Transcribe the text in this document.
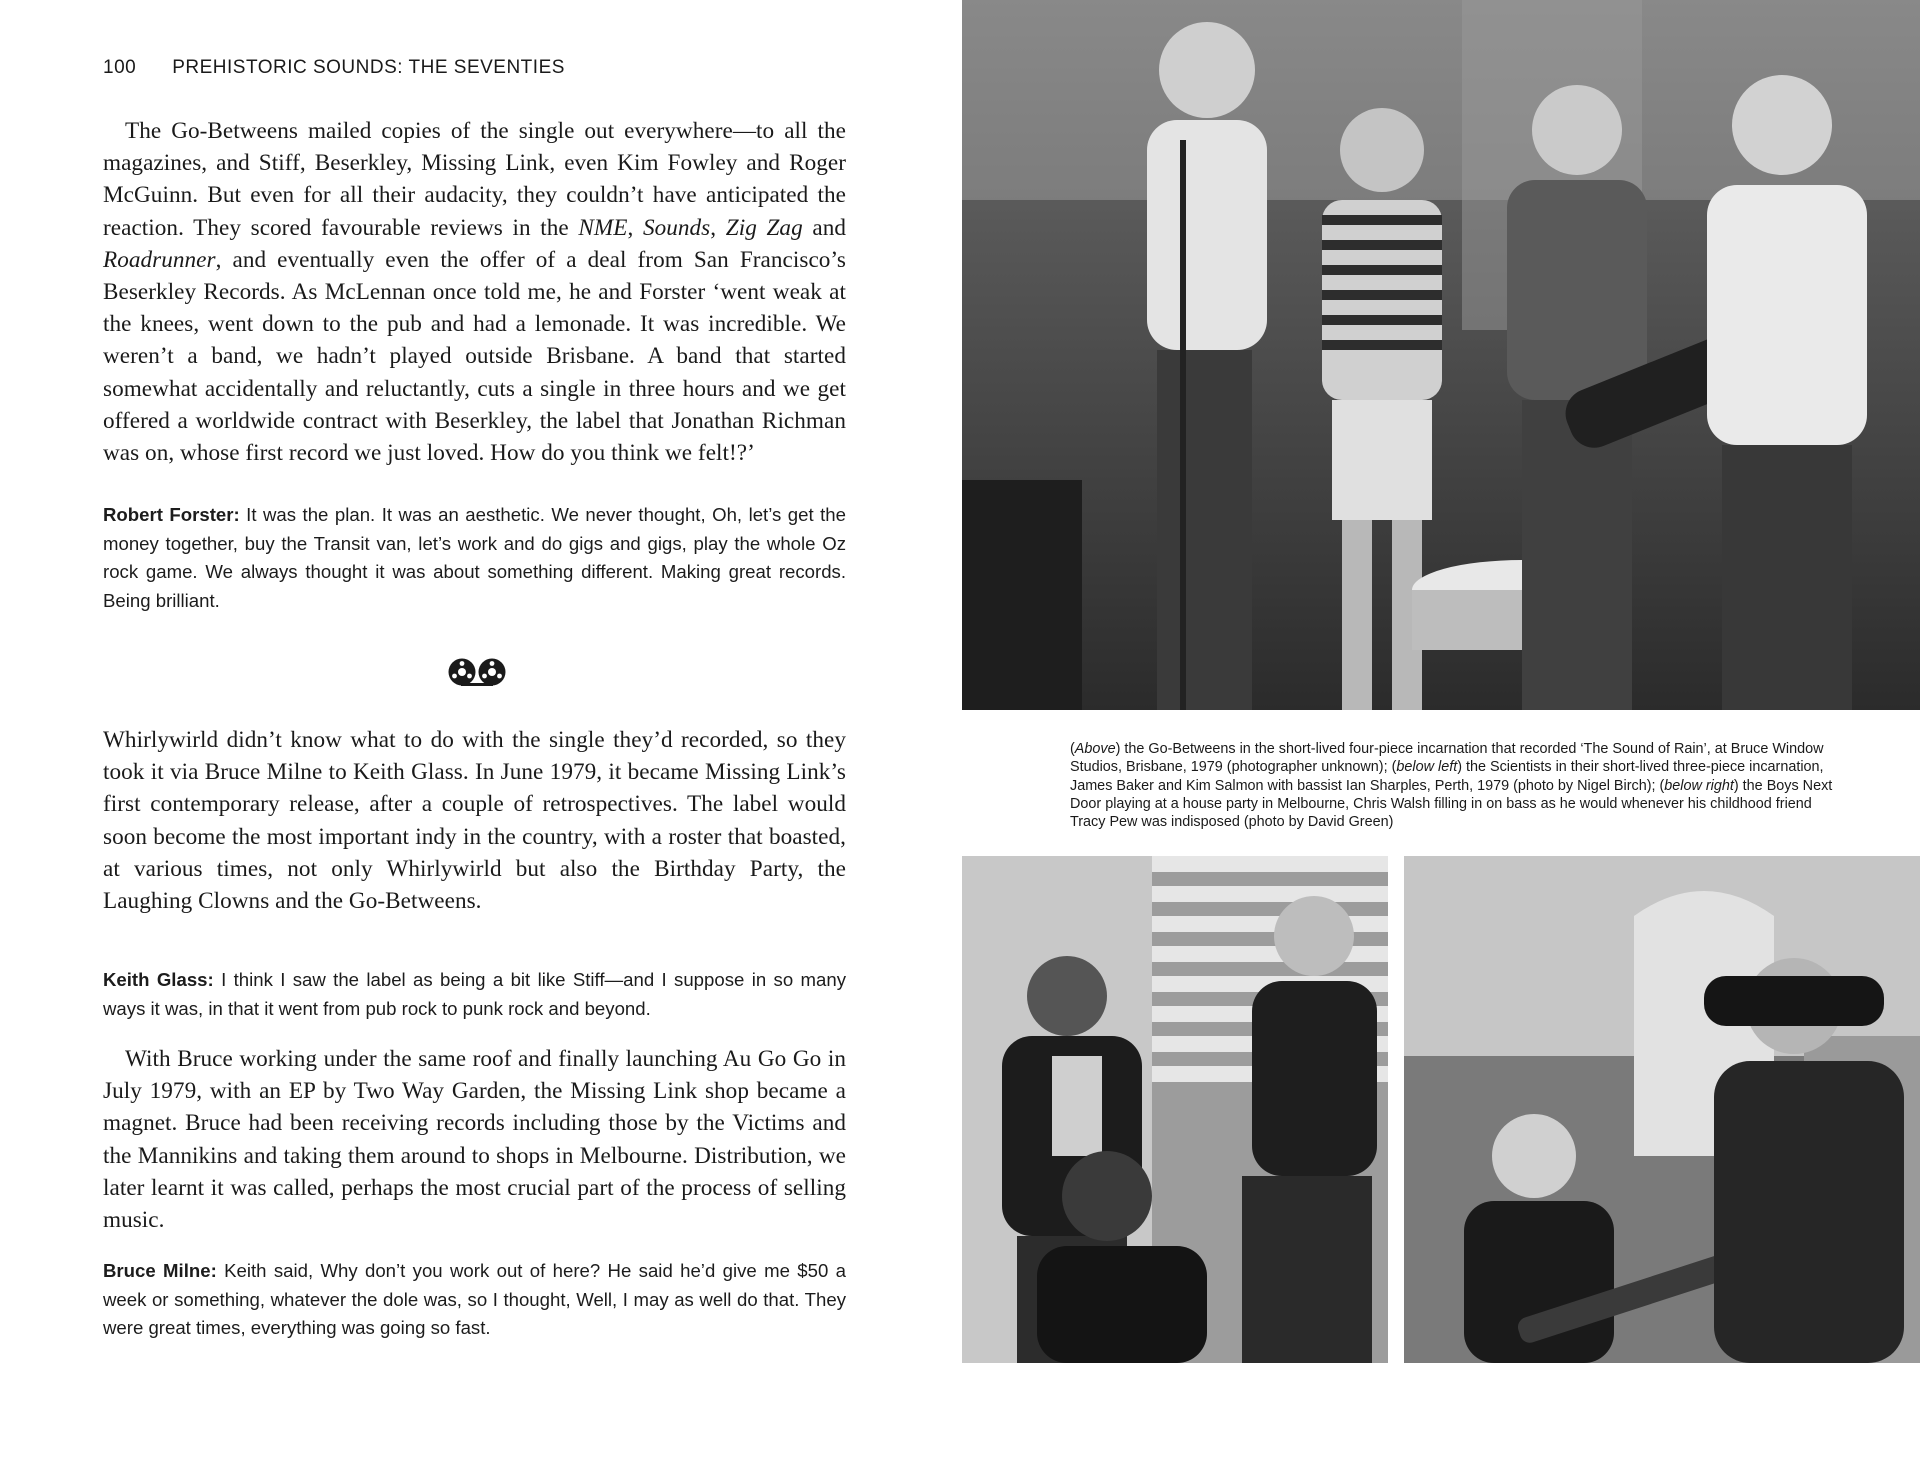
100 PREHISTORIC SOUNDS: THE SEVENTIES

The Go-Betweens mailed copies of the single out everywhere—to all the magazines, and Stiff, Beserkley, Missing Link, even Kim Fowley and Roger McGuinn. But even for all their audacity, they couldn’t have anticipated the reaction. They scored favourable reviews in the NME, Sounds, Zig Zag and Roadrunner, and eventually even the offer of a deal from San Francisco’s Beserkley Records. As McLennan once told me, he and Forster ‘went weak at the knees, went down to the pub and had a lemonade. It was incredible. We weren’t a band, we hadn’t played outside Brisbane. A band that started somewhat accidentally and reluctantly, cuts a single in three hours and we get offered a worldwide contract with Beserkley, the label that Jonathan Richman was on, whose first record we just loved. How do you think we felt!?’

Robert Forster: It was the plan. It was an aesthetic. We never thought, Oh, let’s get the money together, buy the Transit van, let’s work and do gigs and gigs, play the whole Oz rock game. We always thought it was about something different. Making great records. Being brilliant.

Whirlywirld didn’t know what to do with the single they’d recorded, so they took it via Bruce Milne to Keith Glass. In June 1979, it became Missing Link’s first contemporary release, after a couple of retrospectives. The label would soon become the most important indy in the country, with a roster that boasted, at various times, not only Whirlywirld but also the Birthday Party, the Laughing Clowns and the Go-Betweens.

Keith Glass: I think I saw the label as being a bit like Stiff—and I suppose in so many ways it was, in that it went from pub rock to punk rock and beyond.

With Bruce working under the same roof and finally launching Au Go Go in July 1979, with an EP by Two Way Garden, the Missing Link shop became a magnet. Bruce had been receiving records including those by the Victims and the Mannikins and taking them around to shops in Melbourne. Distribution, we later learnt it was called, perhaps the most crucial part of the process of selling music.

Bruce Milne: Keith said, Why don’t you work out of here? He said he’d give me $50 a week or something, whatever the dole was, so I thought, Well, I may as well do that. They were great times, everything was going so fast.

(Above) the Go-Betweens in the short-lived four-piece incarnation that recorded ‘The Sound of Rain’, at Bruce Window Studios, Brisbane, 1979 (photographer unknown); (below left) the Scientists in their short-lived three-piece incarnation, James Baker and Kim Salmon with bassist Ian Sharples, Perth, 1979 (photo by Nigel Birch); (below right) the Boys Next Door playing at a house party in Melbourne, Chris Walsh filling in on bass as he would whenever his childhood friend Tracy Pew was indisposed (photo by David Green)
